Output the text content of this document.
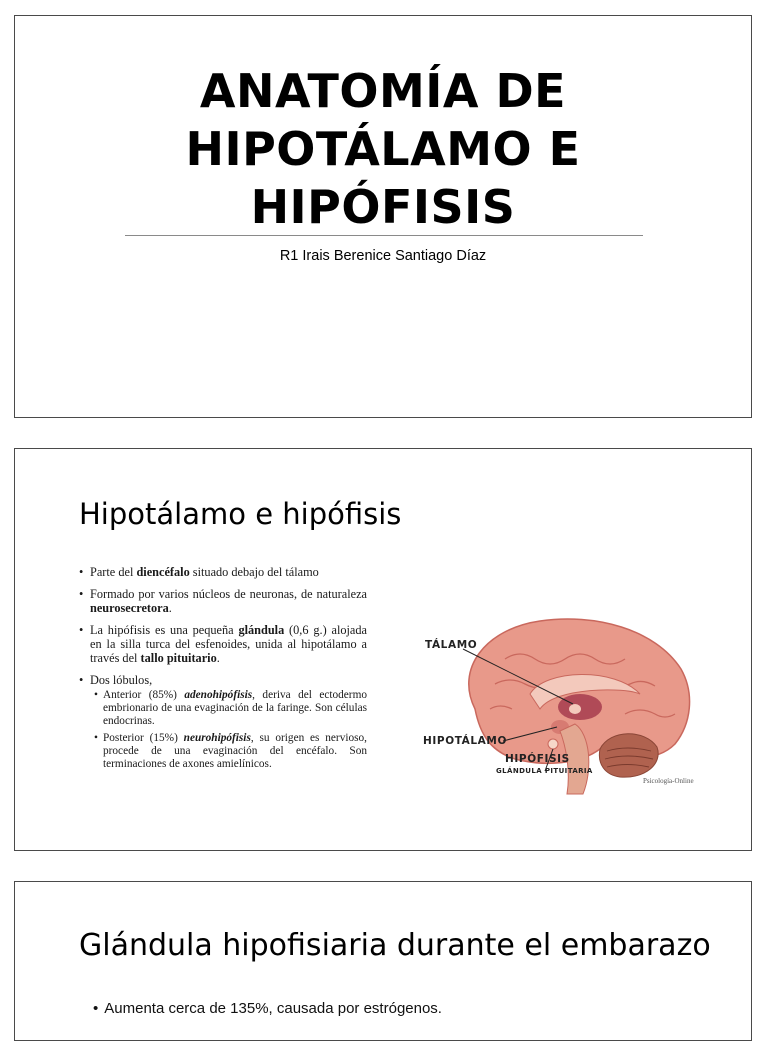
ANATOMÍA DE
HIPOTÁLAMO E
HIPÓFISIS
R1 Irais Berenice Santiago Díaz
Hipotálamo e hipófisis
• Parte del diencéfalo situado debajo del tálamo
• Formado por varios núcleos de neuronas, de naturaleza neurosecretora.
• La hipófisis es una pequeña glándula (0,6 g.) alojada en la silla turca del esfenoides, unida al hipotálamo a través del tallo pituitario.
• Dos lóbulos,
• Anterior (85%) adenohipófisis, deriva del ectodermo embrionario de una evaginación de la faringe. Son células endocrinas.
• Posterior (15%) neurohipófisis, su origen es nervioso, procede de una evaginación del encéfalo. Son terminaciones de axones amielínicos.
TÁLAMO
HIPOTÁLAMO
HIPÓFISIS
GLÁNDULA PITUITARIA
Psicología-Online
Glándula hipofisiaria durante el embarazo
• Aumenta cerca de 135%, causada por estrógenos.
